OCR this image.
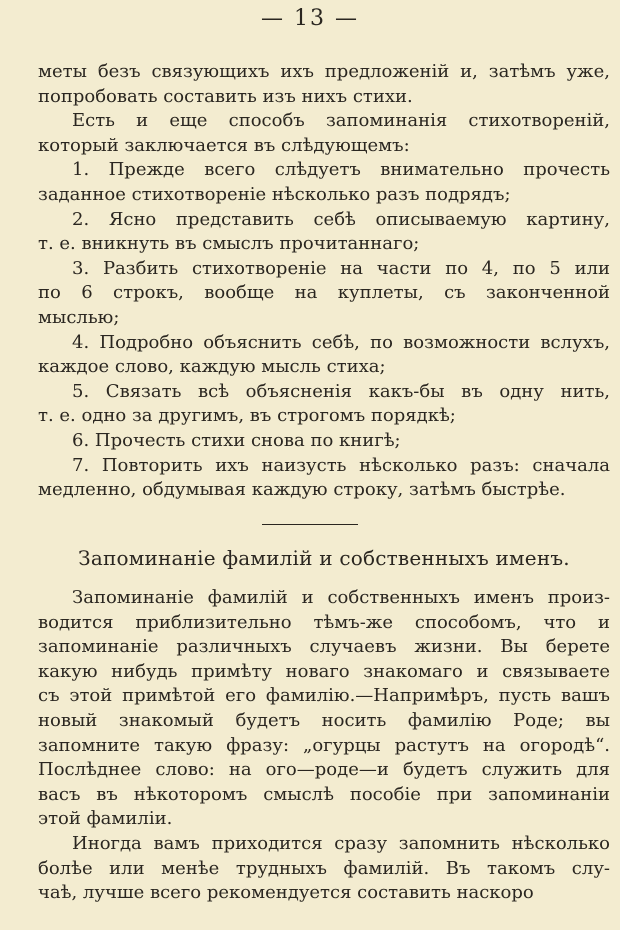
— 13 —
меты безъ связующихъ ихъ предложеній и, затѣмъ уже,
попробовать составить изъ нихъ стихи.
Есть и еще способъ запоминанія стихотвореній,
который заключается въ слѣдующемъ:
1. Прежде всего слѣдуетъ внимательно прочесть
заданное стихотвореніе нѣсколько разъ подрядъ;
2. Ясно представить себѣ описываемую картину,
т. е. вникнуть въ смыслъ прочитаннаго;
3. Разбить стихотвореніе на части по 4, по 5 или
по 6 строкъ, вообще на куплеты, съ законченной
мыслью;
4. Подробно объяснить себѣ, по возможности вслухъ,
каждое слово, каждую мысль стиха;
5. Связать всѣ объясненія какъ-бы въ одну нить,
т. е. одно за другимъ, въ строгомъ порядкѣ;
6. Прочесть стихи снова по книгѣ;
7. Повторить ихъ наизусть нѣсколько разъ: сначала
медленно, обдумывая каждую строку, затѣмъ быстрѣе.
Запоминаніе фамилій и собственныхъ именъ.
Запоминаніе фамилій и собственныхъ именъ произ-
водится приблизительно тѣмъ-же способомъ, что и
запоминаніе различныхъ случаевъ жизни. Вы берете
какую нибудь примѣту новаго знакомаго и связываете
съ этой примѣтой его фамилію.—Напримѣръ, пусть вашъ
новый знакомый будетъ носить фамилію Роде; вы
запомните такую фразу: „огурцы растутъ на огородѣ“.
Послѣднее слово: на ого—роде—и будетъ служить для
васъ въ нѣкоторомъ смыслѣ пособіе при запоминаніи
этой фамиліи.
Иногда вамъ приходится сразу запомнить нѣсколько
болѣе или менѣе трудныхъ фамилій. Въ такомъ слу-
чаѣ, лучше всего рекомендуется составить наскоро
